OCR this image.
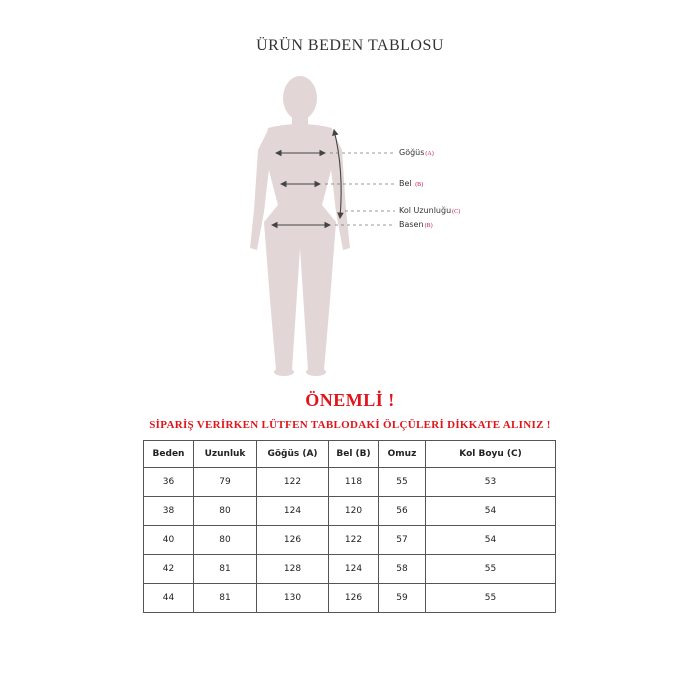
ÜRÜN BEDEN TABLOSU
Göğüs(A)
Bel (B)
Kol Uzunluğu(C)
Basen(B)
ÖNEMLİ !
SİPARİŞ VERİRKEN LÜTFEN TABLODAKİ ÖLÇÜLERİ DİKKATE ALINIZ !
Beden	Uzunluk	Göğüs (A)	Bel (B)	Omuz	Kol Boyu (C)
36	79	122	118	55	53
38	80	124	120	56	54
40	80	126	122	57	54
42	81	128	124	58	55
44	81	130	126	59	55
